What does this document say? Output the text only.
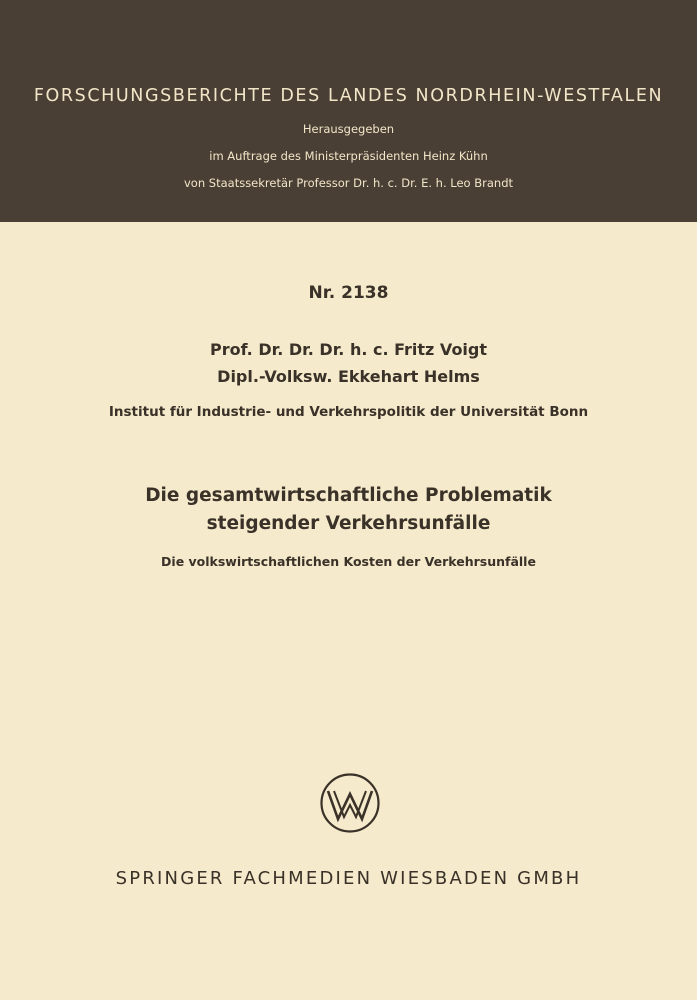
FORSCHUNGSBERICHTE DES LANDES NORDRHEIN-WESTFALEN
Herausgegeben
im Auftrage des Ministerpräsidenten Heinz Kühn
von Staatssekretär Professor Dr. h. c. Dr. E. h. Leo Brandt
Nr. 2138
Prof. Dr. Dr. Dr. h. c. Fritz Voigt
Dipl.-Volksw. Ekkehart Helms
Institut für Industrie- und Verkehrspolitik der Universität Bonn
Die gesamtwirtschaftliche Problematik
steigender Verkehrsunfälle
Die volkswirtschaftlichen Kosten der Verkehrsunfälle
SPRINGER FACHMEDIEN WIESBADEN GMBH
